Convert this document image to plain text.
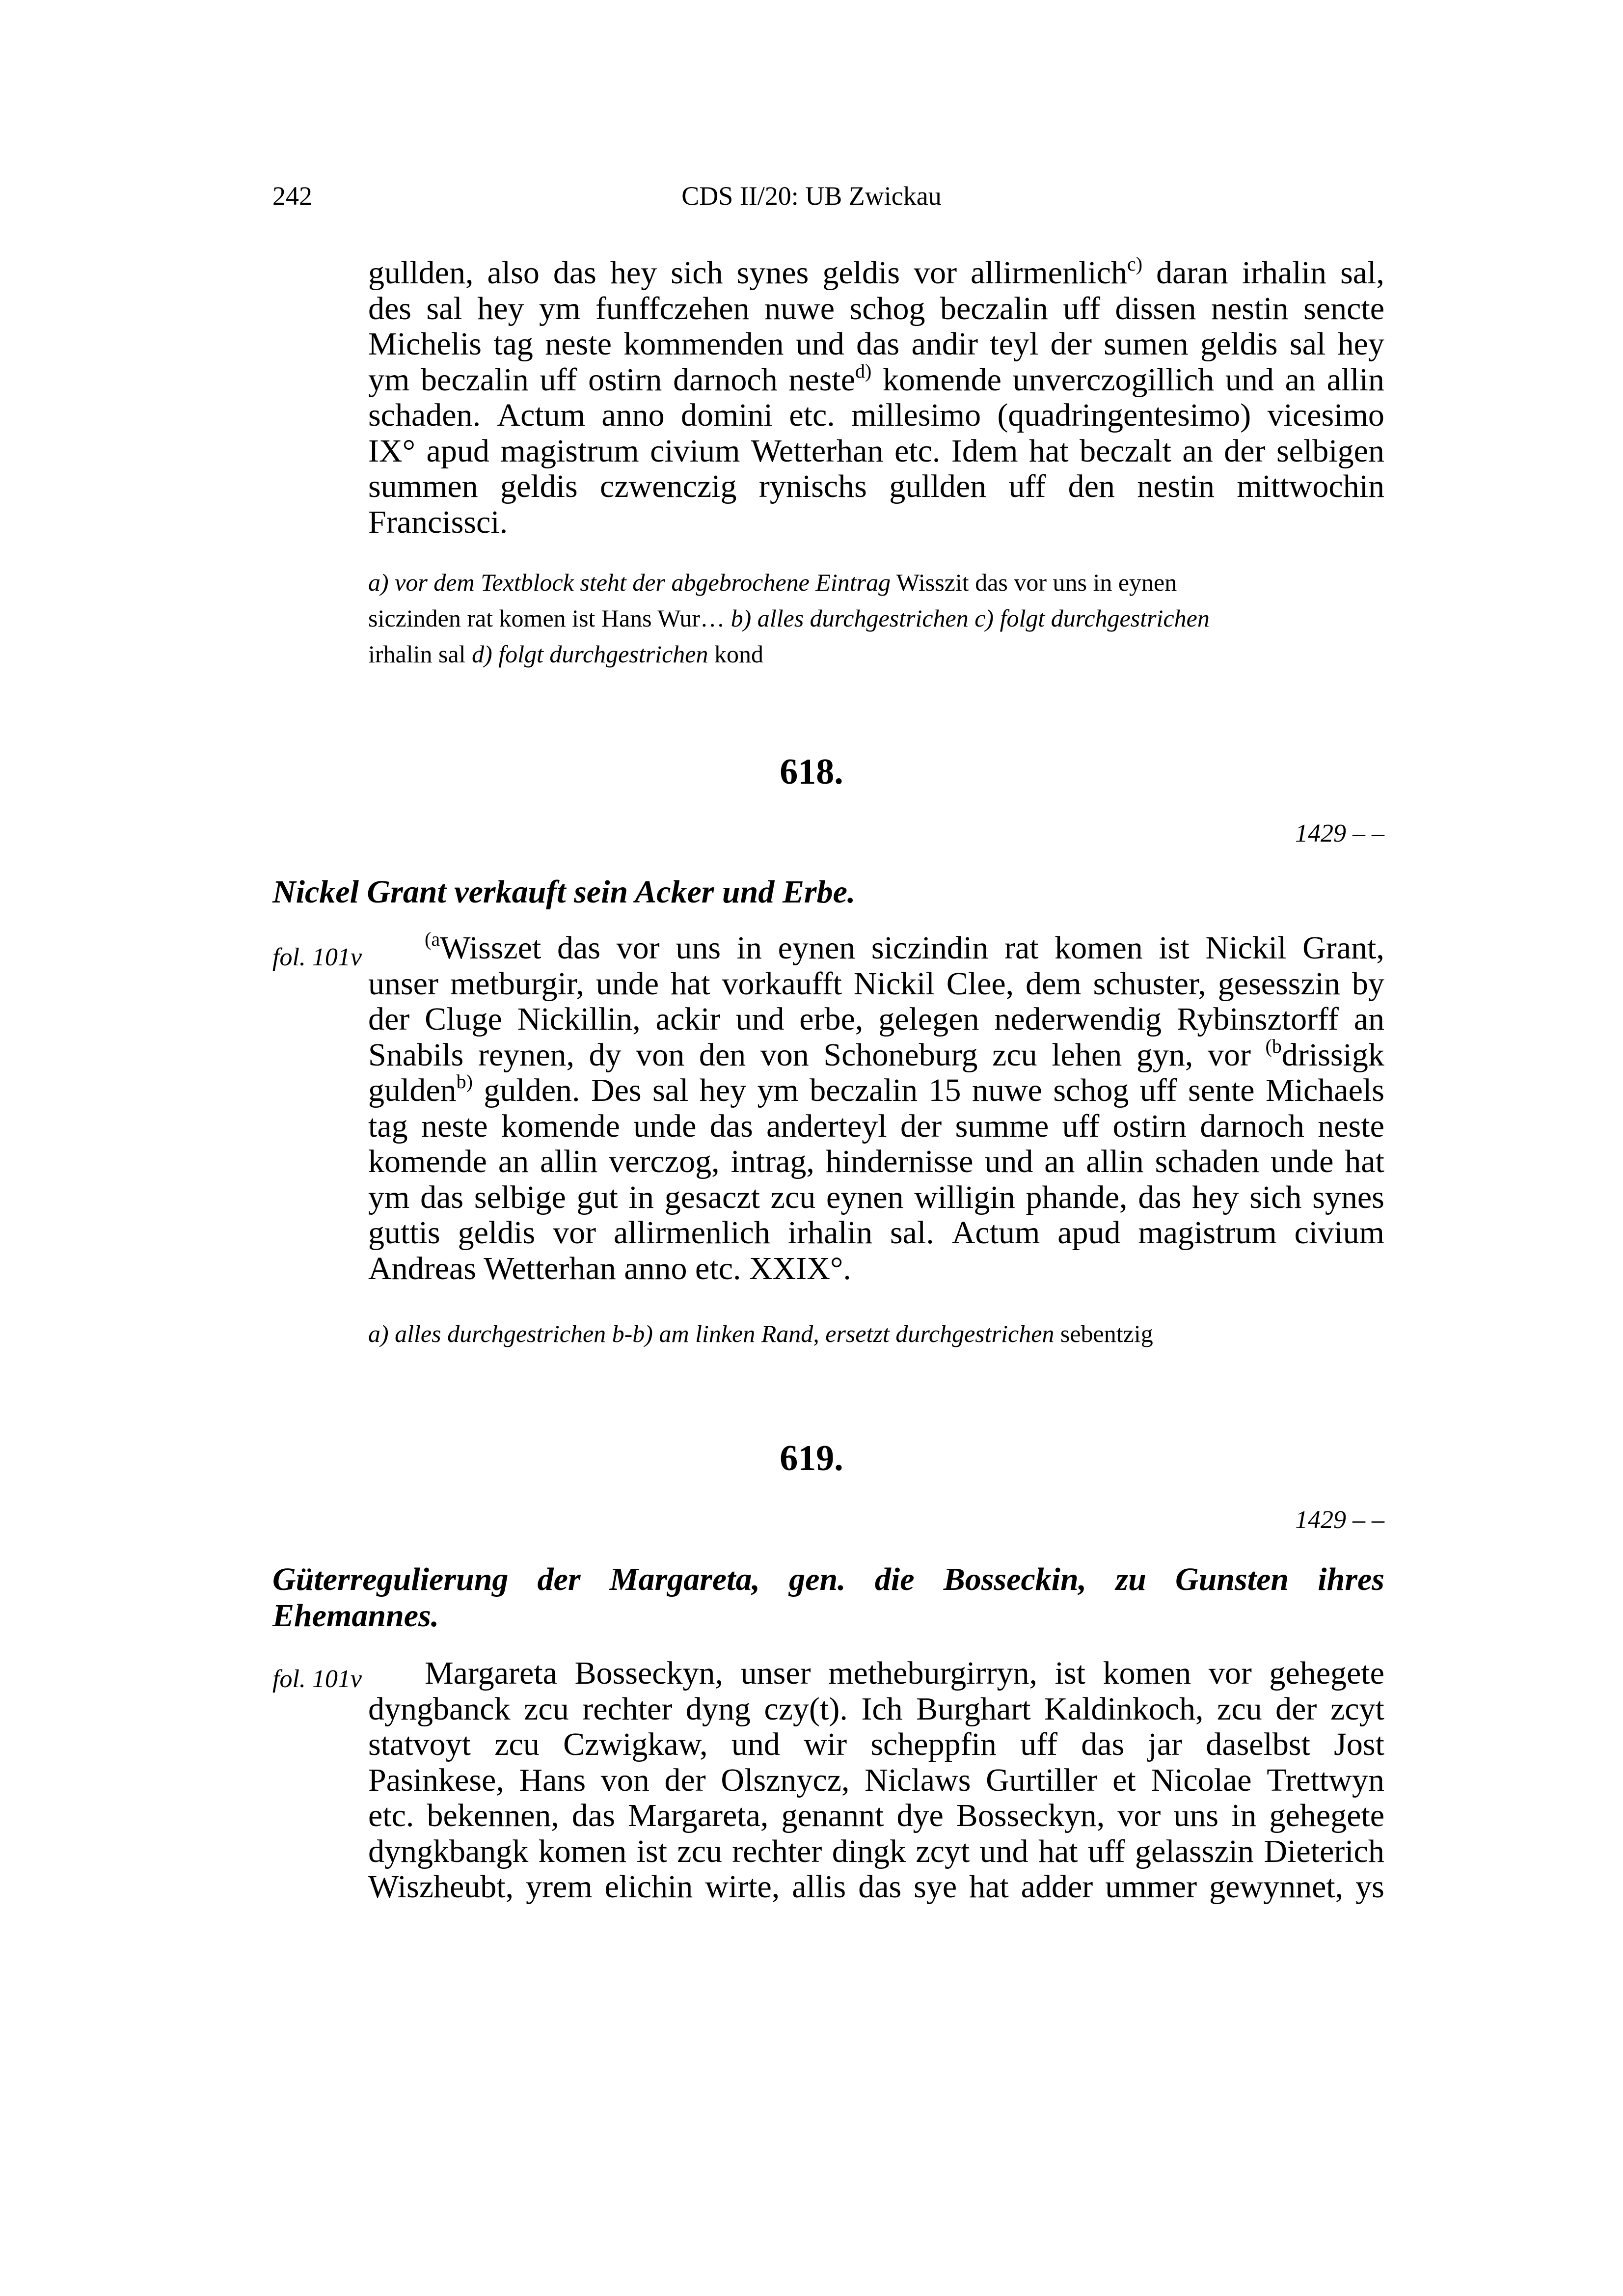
242	CDS II/20: UB Zwickau
gullden, also das hey sich synes geldis vor allirmenlich$^{c)}$ daran irhalin sal,
des sal hey ym funffczehen nuwe schog beczalin uff dissen nestin sencte
Michelis tag neste kommenden und das andir teyl der sumen geldis sal hey
ym beczalin uff ostirn darnoch neste$^{d)}$ komende unverczogillich und an allin
schaden. Actum anno domini etc. millesimo (quadringentesimo) vicesimo
IX° apud magistrum civium Wetterhan etc. Idem hat beczalt an der selbigen
summen geldis czwenczig rynischs gullden uff den nestin mittwochin
Francissci.
a) vor dem Textblock steht der abgebrochene Eintrag Wisszit das vor uns in eynen
siczinden rat komen ist Hans Wur… b) alles durchgestrichen c) folgt durchgestrichen
irhalin sal d) folgt durchgestrichen kond
618.
1429 – –
Nickel Grant verkauft sein Acker und Erbe.
fol. 101v
$^{(a}$Wisszet das vor uns in eynen siczindin rat komen ist Nickil Grant,
unser metburgir, unde hat vorkaufft Nickil Clee, dem schuster, gesesszin by
der Cluge Nickillin, ackir und erbe, gelegen nederwendig Rybinsztorff an
Snabils reynen, dy von den von Schoneburg zcu lehen gyn, vor $^{(b}$drissigk
gulden$^{b)}$ gulden. Des sal hey ym beczalin 15 nuwe schog uff sente Michaels
tag neste komende unde das anderteyl der summe uff ostirn darnoch neste
komende an allin verczog, intrag, hindernisse und an allin schaden unde hat
ym das selbige gut in gesaczt zcu eynen willigin phande, das hey sich synes
guttis geldis vor allirmenlich irhalin sal. Actum apud magistrum civium
Andreas Wetterhan anno etc. XXIX°.
a) alles durchgestrichen b-b) am linken Rand, ersetzt durchgestrichen sebentzig
619.
1429 – –
Güterregulierung der Margareta, gen. die Bosseckin, zu Gunsten ihres
Ehemannes.
fol. 101v Margareta Bosseckyn, unser metheburgirryn, ist komen vor gehegete
dyngbanck zcu rechter dyng czy(t). Ich Burghart Kaldinkoch, zcu der zcyt
statvoyt zcu Czwigkaw, und wir scheppfin uff das jar daselbst Jost
Pasinkese, Hans von der Olsznycz, Niclaws Gurtiller et Nicolae Trettwyn
etc. bekennen, das Margareta, genannt dye Bosseckyn, vor uns in gehegete
dyngkbangk komen ist zcu rechter dingk zcyt und hat uff gelasszin Dieterich
Wiszheubt, yrem elichin wirte, allis das sye hat adder ummer gewynnet, ys
